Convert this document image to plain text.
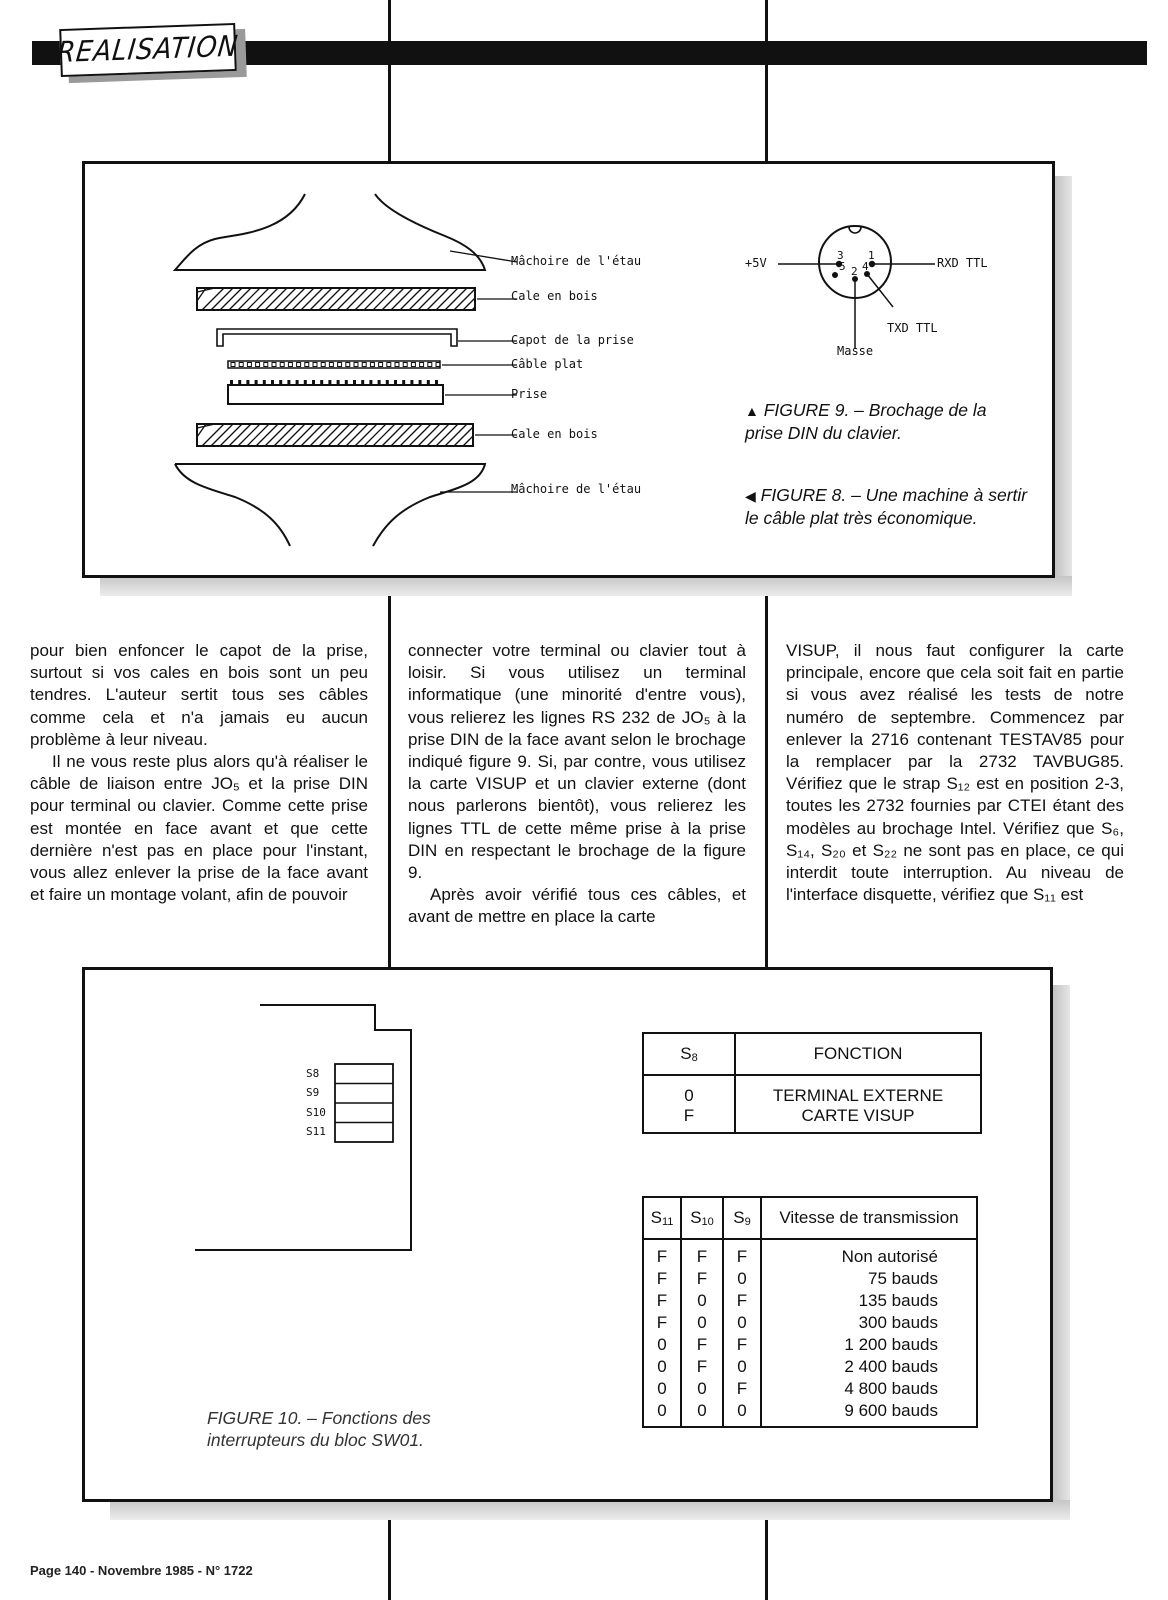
REALISATION
Mâchoire de l'étau
Cale en bois
Capot de la prise
Câble plat
Prise
Cale en bois
Mâchoire de l'étau
3 1
5 2 4
+5V	RXD TTL
TXD TTL
Masse
▲ FIGURE 9. – Brochage de la prise DIN du clavier.
◀ FIGURE 8. – Une machine à sertir le câble plat très économique.

pour bien enfoncer le capot de la prise, surtout si vos cales en bois sont un peu tendres. L'auteur sertit tous ses câbles comme cela et n'a jamais eu aucun problème à leur niveau.

Il ne vous reste plus alors qu'à réaliser le câble de liaison entre JO₅ et la prise DIN pour terminal ou clavier. Comme cette prise est montée en face avant et que cette dernière n'est pas en place pour l'instant, vous allez enlever la prise de la face avant et faire un montage volant, afin de pouvoir

connecter votre terminal ou clavier tout à loisir. Si vous utilisez un terminal informatique (une minorité d'entre vous), vous relierez les lignes RS 232 de JO₅ à la prise DIN de la face avant selon le brochage indiqué figure 9. Si, par contre, vous utilisez la carte VISUP et un clavier externe (dont nous parlerons bientôt), vous relierez les lignes TTL de cette même prise à la prise DIN en respectant le brochage de la figure 9.

Après avoir vérifié tous ces câbles, et avant de mettre en place la carte

VISUP, il nous faut configurer la carte principale, encore que cela soit fait en partie si vous avez réalisé les tests de notre numéro de septembre. Commencez par enlever la 2716 contenant TESTAV85 pour la remplacer par la 2732 TAVBUG85. Vérifiez que le strap S₁₂ est en position 2-3, toutes les 2732 fournies par CTEI étant des modèles au brochage Intel. Vérifiez que S₆, S₁₄, S₂₀ et S₂₂ ne sont pas en place, ce qui interdit toute interruption. Au niveau de l'interface disquette, vérifiez que S₁₁ est

S8
S9
S10
S11
FIGURE 10. – Fonctions des interrupteurs du bloc SW01.
$S_8$	FONCTION
0	TERMINAL EXTERNE
F	CARTE VISUP
$S_{11}$	$S_{10}$	$S_9$	Vitesse de transmission
F	F	F	Non autorisé
F	F	0	75 bauds
F	0	F	135 bauds
F	0	0	300 bauds
0	F	F	1 200 bauds
0	F	0	2 400 bauds
0	0	F	4 800 bauds
0	0	0	9 600 bauds
Page 140 - Novembre 1985 - N° 1722
